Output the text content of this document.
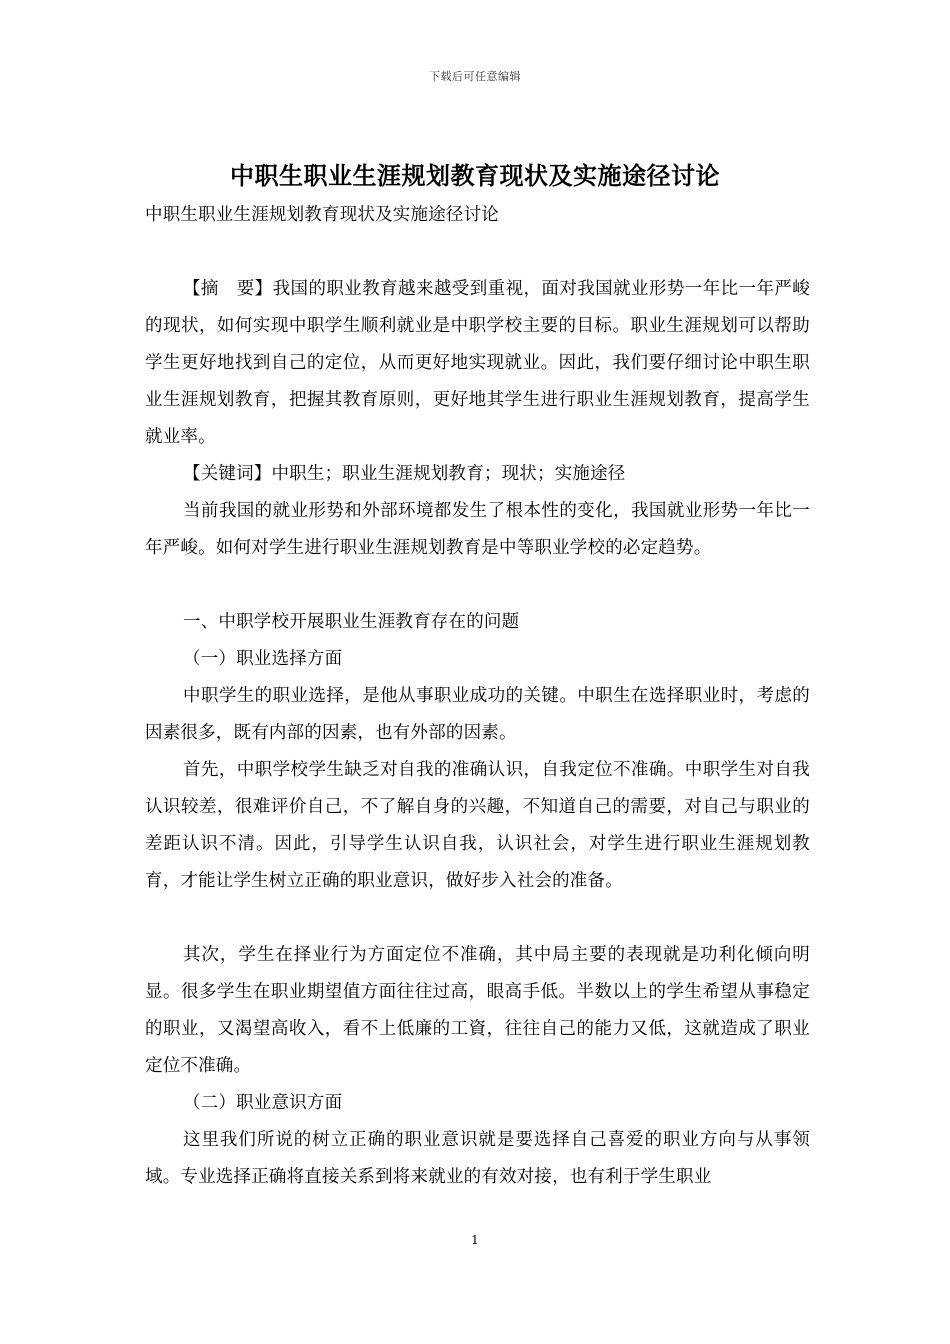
下载后可任意编辑
中职生职业生涯规划教育现状及实施途径讨论

中职生职业生涯规划教育现状及实施途径讨论

【摘　要】我国的职业教育越来越受到重视，面对我国就业形势一年比一年严峻的现状，如何实现中职学生顺利就业是中职学校主要的目标。职业生涯规划可以帮助学生更好地找到自己的定位，从而更好地实现就业。因此，我们要仔细讨论中职生职业生涯规划教育，把握其教育原则，更好地其学生进行职业生涯规划教育，提高学生就业率。

【关键词】中职生；职业生涯规划教育；现状；实施途径

当前我国的就业形势和外部环境都发生了根本性的变化，我国就业形势一年比一年严峻。如何对学生进行职业生涯规划教育是中等职业学校的必定趋势。

一、中职学校开展职业生涯教育存在的问题

（一）职业选择方面

中职学生的职业选择，是他从事职业成功的关键。中职生在选择职业时，考虑的因素很多，既有内部的因素，也有外部的因素。

首先，中职学校学生缺乏对自我的准确认识，自我定位不准确。中职学生对自我认识较差，很难评价自己，不了解自身的兴趣，不知道自己的需要，对自己与职业的差距认识不清。因此，引导学生认识自我，认识社会，对学生进行职业生涯规划教育，才能让学生树立正确的职业意识，做好步入社会的准备。

其次，学生在择业行为方面定位不准确，其中局主要的表现就是功利化倾向明显。很多学生在职业期望值方面往往过高，眼高手低。半数以上的学生希望从事稳定的职业，又渴望高收入，看不上低廉的工資，往往自己的能力又低，这就造成了职业定位不准确。

（二）职业意识方面

这里我们所说的树立正确的职业意识就是要选择自己喜爱的职业方向与从事领域。专业选择正确将直接关系到将来就业的有效对接，也有利于学生职业

1
